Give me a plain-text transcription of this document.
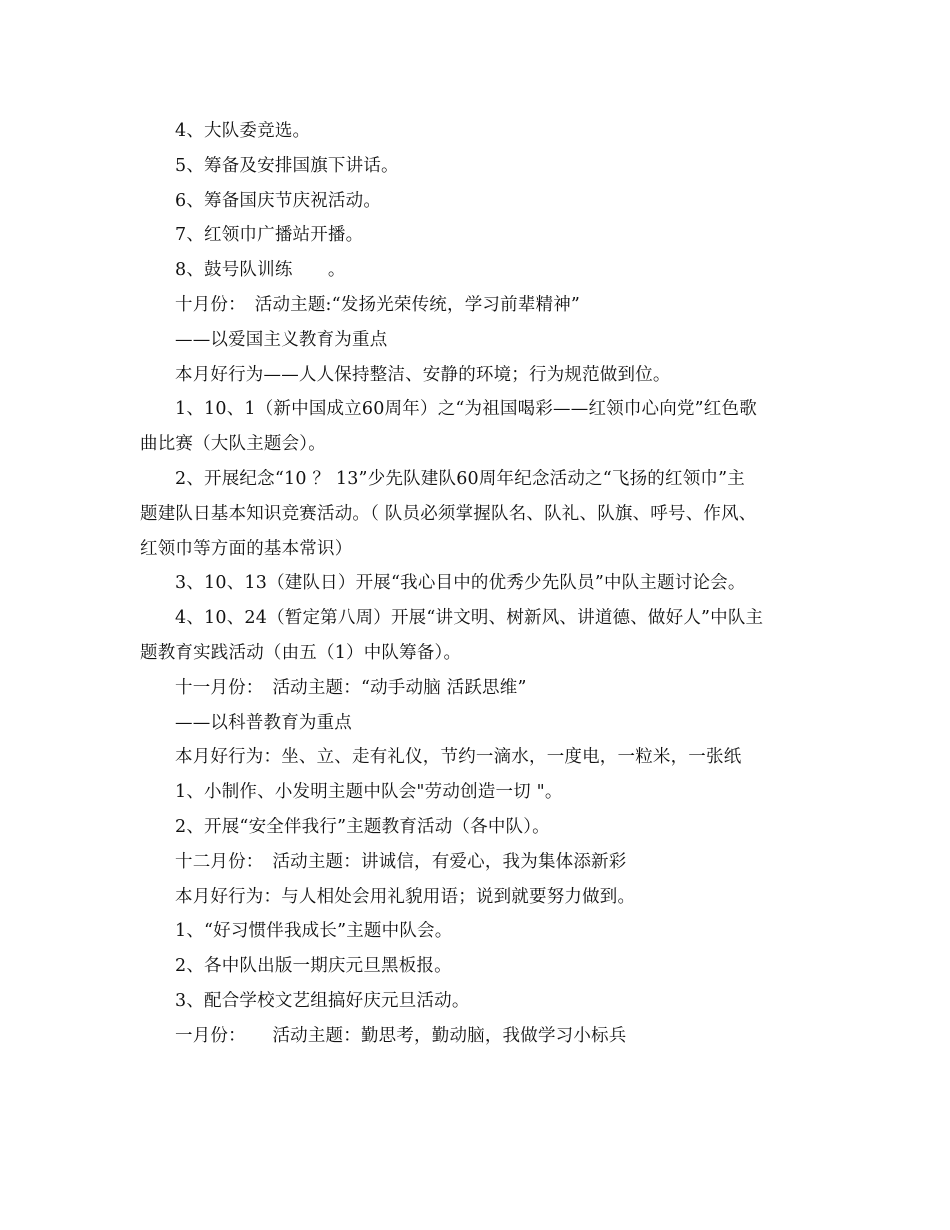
4、大队委竞选。
5、筹备及安排国旗下讲话。
6、筹备国庆节庆祝活动。
7、红领巾广播站开播。
8、鼓号队训练　　。
十月份：　活动主题:“发扬光荣传统，学习前辈精神”
——以爱国主义教育为重点
本月好行为——人人保持整洁、安静的环境；行为规范做到位。
1、10、1（新中国成立60周年）之“为祖国喝彩——红领巾心向党”红色歌
曲比赛（大队主题会）。
2、开展纪念“10 ？ 13”少先队建队60周年纪念活动之“飞扬的红领巾”主
题建队日基本知识竞赛活动。（ 队员必须掌握队名、队礼、队旗、呼号、作风、
红领巾等方面的基本常识）
3、10、13（建队日）开展“我心目中的优秀少先队员”中队主题讨论会。
4、10、24（暂定第八周）开展“讲文明、树新风、讲道德、做好人”中队主
题教育实践活动（由五（1）中队筹备）。
十一月份：　活动主题：“动手动脑 活跃思维”
——以科普教育为重点
本月好行为：坐、立、走有礼仪，节约一滴水，一度电，一粒米，一张纸
1、小制作、小发明主题中队会"劳动创造一切 "。
2、开展“安全伴我行”主题教育活动（各中队）。
十二月份：　活动主题：讲诚信，有爱心，我为集体添新彩
本月好行为：与人相处会用礼貌用语；说到就要努力做到。
1、“好习惯伴我成长”主题中队会。
2、各中队出版一期庆元旦黑板报。
3、配合学校文艺组搞好庆元旦活动。
一月份：　　活动主题：勤思考，勤动脑，我做学习小标兵
